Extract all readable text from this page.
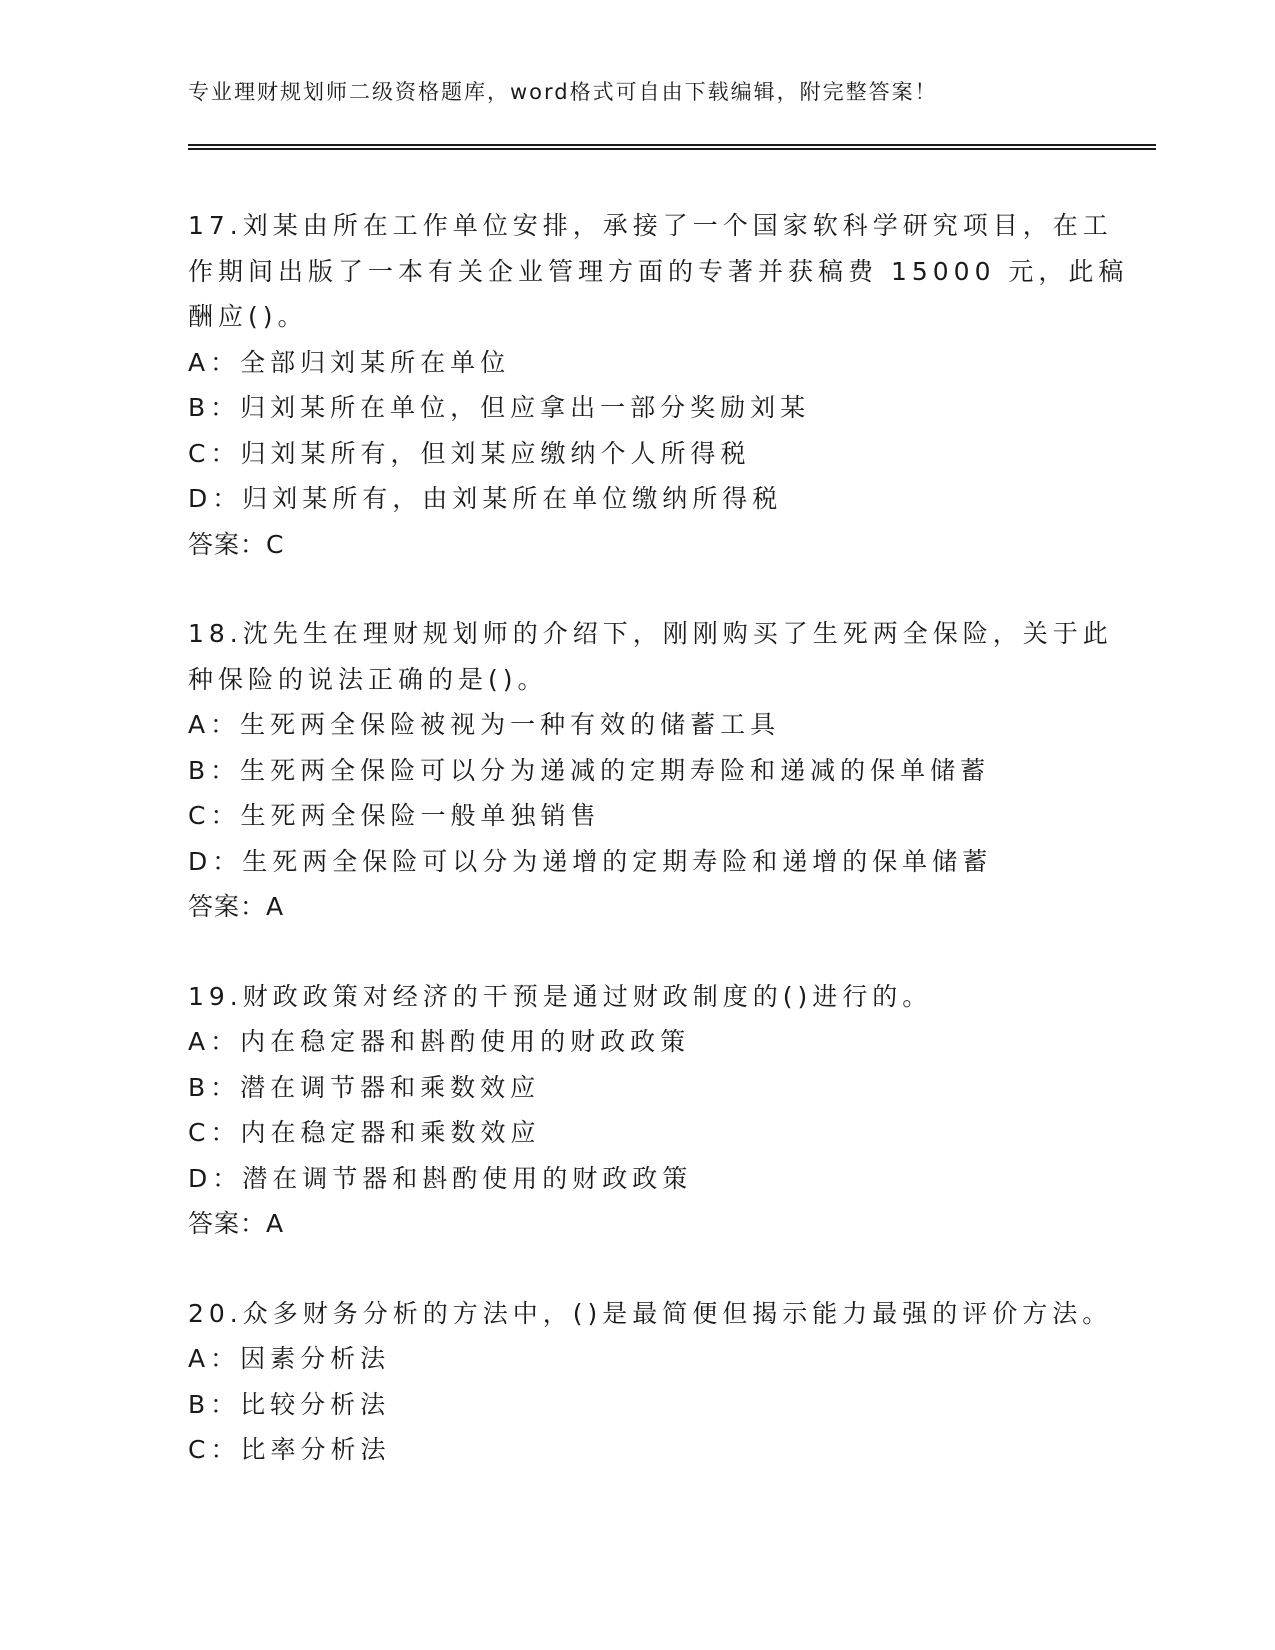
专业理财规划师二级资格题库，word格式可自由下载编辑，附完整答案！
17.刘某由所在工作单位安排，承接了一个国家软科学研究项目，在工
作期间出版了一本有关企业管理方面的专著并获稿费 15000 元，此稿
酬应()。
A：全部归刘某所在单位
B：归刘某所在单位，但应拿出一部分奖励刘某
C：归刘某所有，但刘某应缴纳个人所得税
D：归刘某所有，由刘某所在单位缴纳所得税
答案：C
18.沈先生在理财规划师的介绍下，刚刚购买了生死两全保险，关于此
种保险的说法正确的是()。
A：生死两全保险被视为一种有效的储蓄工具
B：生死两全保险可以分为递减的定期寿险和递减的保单储蓄
C：生死两全保险一般单独销售
D：生死两全保险可以分为递增的定期寿险和递增的保单储蓄
答案：A
19.财政政策对经济的干预是通过财政制度的()进行的。
A：内在稳定器和斟酌使用的财政政策
B：潜在调节器和乘数效应
C：内在稳定器和乘数效应
D：潜在调节器和斟酌使用的财政政策
答案：A
20.众多财务分析的方法中，()是最简便但揭示能力最强的评价方法。
A：因素分析法
B：比较分析法
C：比率分析法
